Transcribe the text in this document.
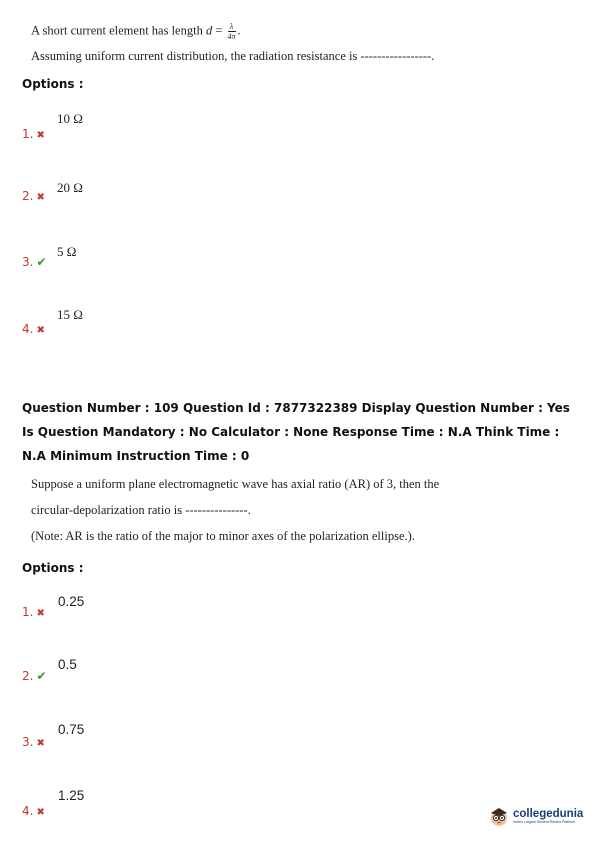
A short current element has length $d = \frac{\lambda}{4\pi}$ .
Assuming uniform current distribution, the radiation resistance is -----------------.
Options :
10 Ω
1. ✖
20 Ω
2. ✖
5 Ω
3. ✔
15 Ω
4. ✖
Question Number : 109 Question Id : 7877322389 Display Question Number : Yes Is Question Mandatory : No Calculator : None Response Time : N.A Think Time : N.A Minimum Instruction Time : 0
Suppose a uniform plane electromagnetic wave has axial ratio (AR) of 3, then the
circular-depolarization ratio is ---------------.
(Note: AR is the ratio of the major to minor axes of the polarization ellipse.).
Options :
0.25
1. ✖
0.5
2. ✔
0.75
3. ✖
1.25
4. ✖	collegedunia
India's Largest Student Review Platform
